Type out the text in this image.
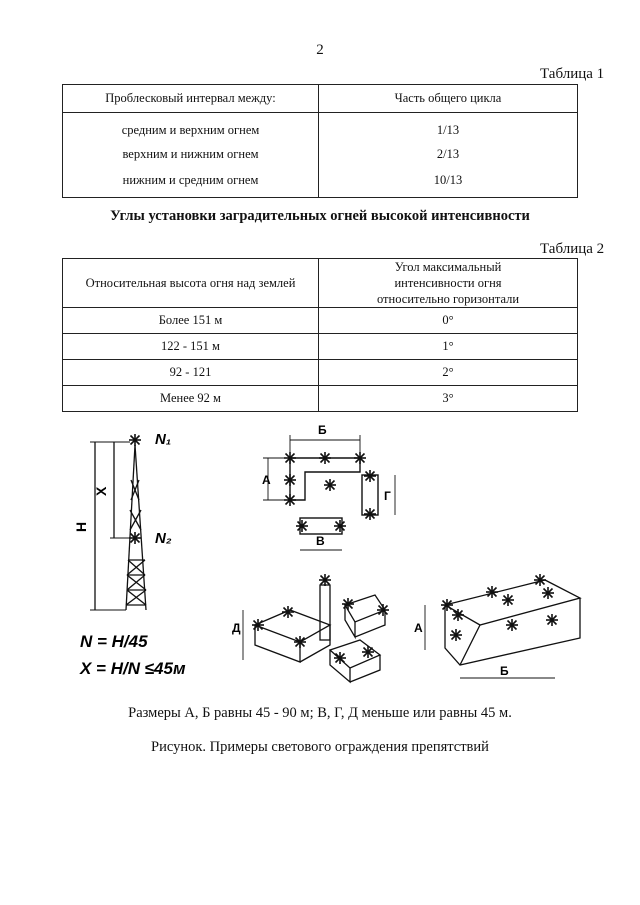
2
Таблица 1
Проблесковый интервал между:	Часть общего цикла
средним и верхним огнем	1/13
верхним и нижним огнем	2/13
нижним и средним огнем	10/13
Углы установки заградительных огней высокой интенсивности
Таблица 2
Относительная высота огня над землей	Угол максимальный интенсивности огня относительно горизонтали
Более 151 м	0°
122 - 151 м	1°
92 - 121	2°
Менее 92 м	3°
N₁
N₂
H
X
N = H/45
X = H/N ≤45м
Б
А
В
Г
Д	А
Б
Размеры А, Б равны 45 - 90 м; В, Г, Д меньше или равны 45 м.
Рисунок. Примеры светового ограждения препятствий
